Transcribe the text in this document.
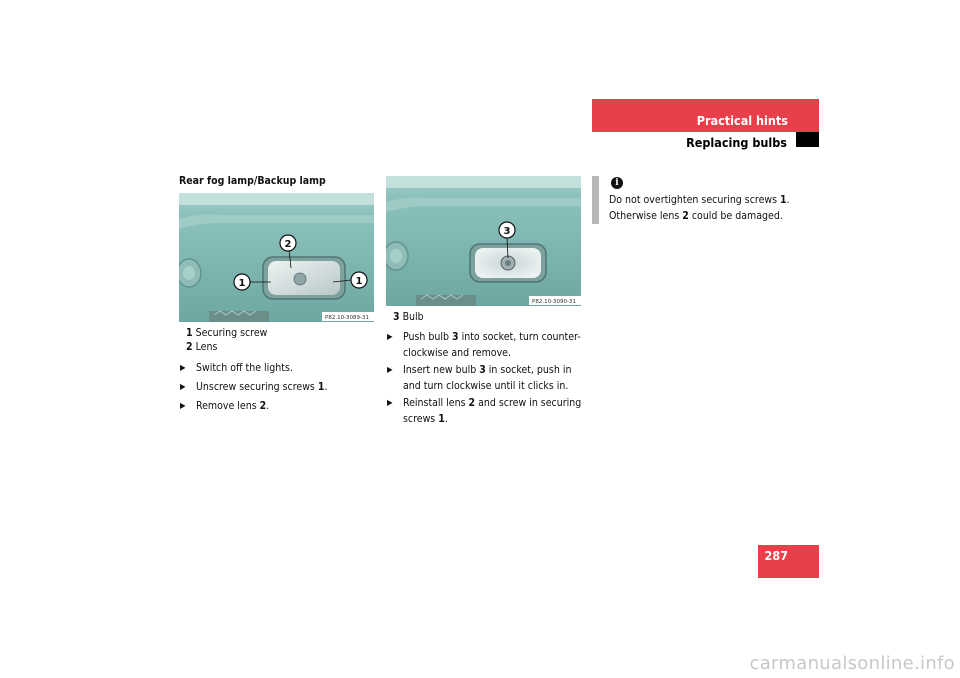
Practical hints
Replacing bulbs
Rear fog lamp/Backup lamp
2
1	1
P82.10-3089-31
1 Securing screw
2 Lens
▶ Switch off the lights.
▶ Unscrew securing screws 1.
▶ Remove lens 2.
3
P82.10-3090-31
3 Bulb
▶ Push bulb 3 into socket, turn counter-
clockwise and remove.
▶ Insert new bulb 3 in socket, push in
and turn clockwise until it clicks in.
▶ Reinstall lens 2 and screw in securing
screws 1.
i
Do not overtighten securing screws 1.
Otherwise lens 2 could be damaged.
287
carmanualsonline.info
